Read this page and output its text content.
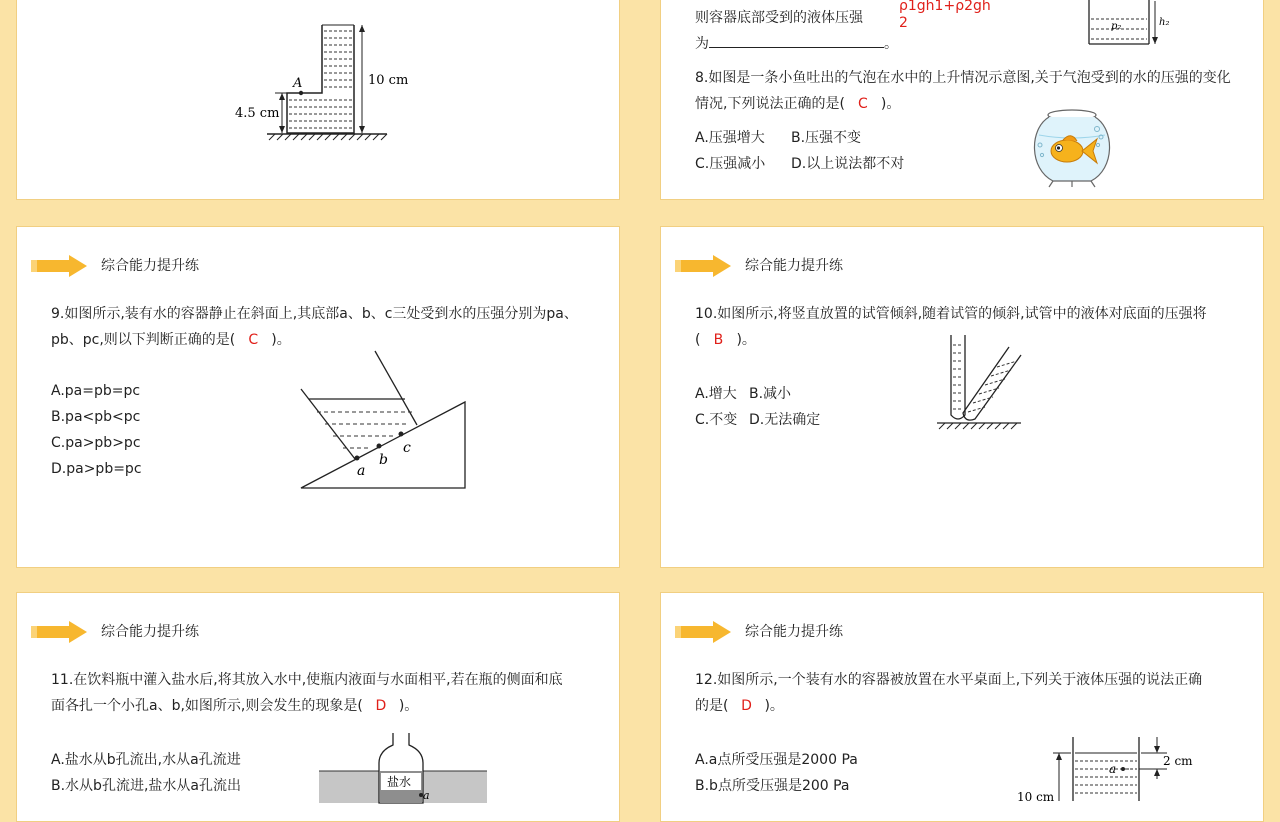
A	10 cm
4.5 cm
则容器底部受到的液体压强
为	。
ρ1gh1+ρ2gh
2	p₂	h₂
8.如图是一条小鱼吐出的气泡在水中的上升情况示意图,关于气泡受到的水的压强的变化
情况,下列说法正确的是( C )。
A.压强增大 B.压强不变
C.压强减小 D.以上说法都不对
综合能力提升练
9.如图所示,装有水的容器静止在斜面上,其底部a、b、c三处受到水的压强分别为pa、
pb、pc,则以下判断正确的是( C )。
A.pa=pb=pc
B.pa<pb<pc
C.pa>pb>pc
D.pa>pb=pc	a
b
c
综合能力提升练
10.如图所示,将竖直放置的试管倾斜,随着试管的倾斜,试管中的液体对底面的压强将
( B )。
A.增大 B.减小
C.不变 D.无法确定
综合能力提升练
11.在饮料瓶中灌入盐水后,将其放入水中,使瓶内液面与水面相平,若在瓶的侧面和底
面各扎一个小孔a、b,如图所示,则会发生的现象是( D )。
A.盐水从b孔流出,水从a孔流进
B.水从b孔流进,盐水从a孔流出	盐水
a
综合能力提升练
12.如图所示,一个装有水的容器被放置在水平桌面上,下列关于液体压强的说法正确
的是( D )。
A.a点所受压强是2000 Pa
B.b点所受压强是200 Pa
a
2 cm
10 cm
